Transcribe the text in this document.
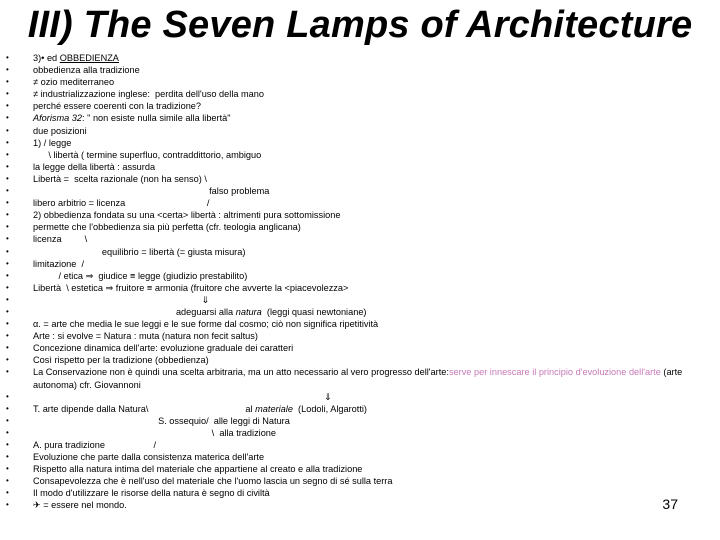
III) The Seven Lamps of Architecture
• 3)• ed OBBEDIENZA
• obbedienza alla tradizione
• ≠ ozio mediterraneo
• ≠ industrializzazione inglese:  perdita dell'uso della mano
• perché essere coerenti con la tradizione?
• Aforisma 32: " non esiste nulla simile alla libertà"
• due posizioni
• 1) / legge
•       \ libertà ( termine superfluo, contraddittorio, ambiguo
• la legge della libertà : assurda
• Libertà =  scelta razionale (non ha senso) \
•                                                                      falso problema
• libero arbitrio = licenza                                /
• 2) obbedienza fondata su una <certa> libertà : altrimenti pura sottomissione
• permette che l'obbedienza sia più perfetta (cfr. teologia anglicana)
• licenza         \
•                            equilibrio = libertà (= giusta misura)
• limitazione  /
•           / etica ⇒  giudice ≡ legge (giudizio prestabilito)
• Libertà  \ estetica ⇒ fruitore ≡ armonia (fruitore che avverte la <piacevolezza>
•                                                                   ⇓
•                                                         adeguarsi alla natura  (leggi quasi newtoniane)
• α. = arte che media le sue leggi e le sue forme dal cosmo; ciò non significa ripetitività
• Arte : si evolve = Natura : muta (natura non fecit saltus)
• Concezione dinamica dell'arte: evoluzione graduale dei caratteri
• Così rispetto per la tradizione (obbedienza)
• La Conservazione non è quindi una scelta arbitraria, ma un atto necessario al vero progresso dell'arte:serve per innescare il principio d'evoluzione dell'arte (arte autonoma) cfr. Giovannoni
•                                                                                                                   ⇓
• T. arte dipende dalla Natura\                                      al materiale  (Lodoli, Algarotti)
•                                                  S. ossequio/  alle leggi di Natura
•                                                                       \  alla tradizione
• A. pura tradizione                   /
• Evoluzione che parte dalla consistenza materica dell'arte
• Rispetto alla natura intima del materiale che appartiene al creato e alla tradizione
• Consapevolezza che è nell'uso del materiale che l'uomo lascia un segno di sé sulla terra
• Il modo d'utilizzare le risorse della natura è segno di civiltà
• ✈ = essere nel mondo.	37
